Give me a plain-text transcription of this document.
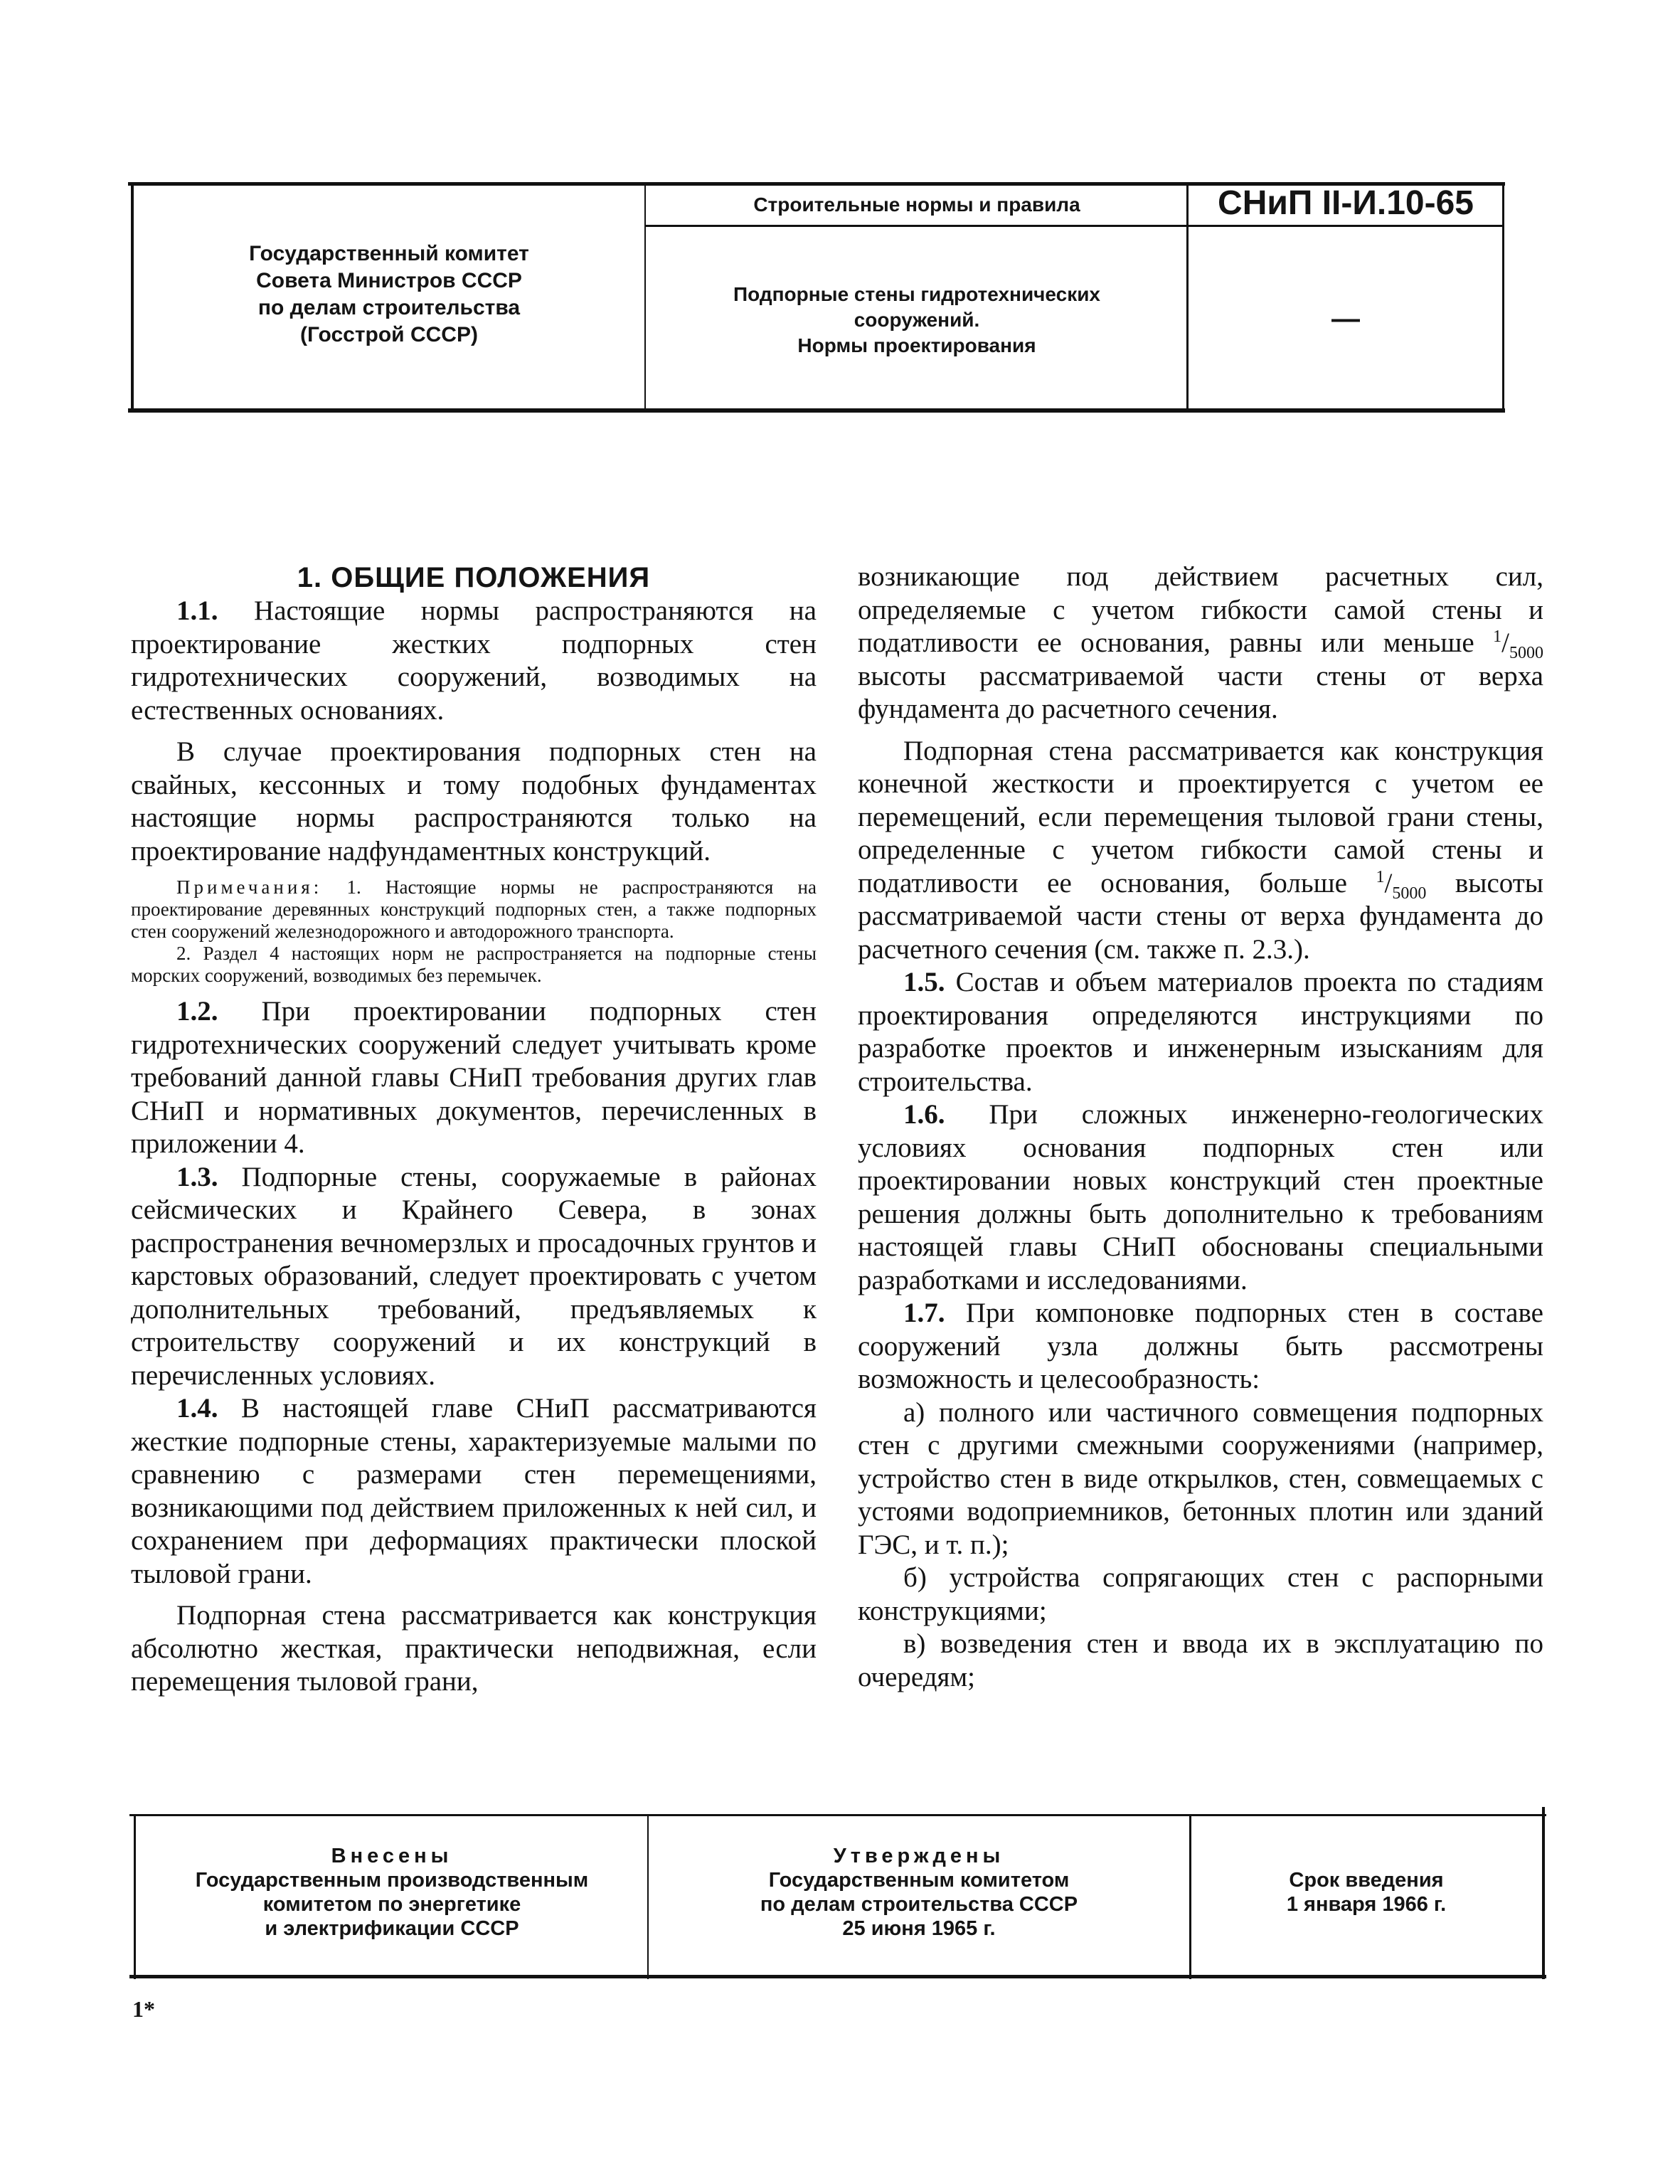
Государственный комитет
Совета Министров СССР
по делам строительства
(Госстрой СССР)
Строительные нормы и правила	СНиП II-И.10-65
Подпорные стены гидротехнических
сооружений.
Нормы проектирования
—

1. ОБЩИЕ ПОЛОЖЕНИЯ

1.1. Настоящие нормы распространяются на проектирование жестких подпорных стен гидротехнических сооружений, возводимых на естественных основаниях.

В случае проектирования подпорных стен на свайных, кессонных и тому подобных фундаментах настоящие нормы распространяются только на проектирование надфундаментных конструкций.

Примечания: 1. Настоящие нормы не распространяются на проектирование деревянных конструкций подпорных стен, а также подпорных стен сооружений железнодорожного и автодорожного транспорта.

2. Раздел 4 настоящих норм не распространяется на подпорные стены морских сооружений, возводимых без перемычек.

1.2. При проектировании подпорных стен гидротехнических сооружений следует учитывать кроме требований данной главы СНиП требования других глав СНиП и нормативных документов, перечисленных в приложении 4.

1.3. Подпорные стены, сооружаемые в районах сейсмических и Крайнего Севера, в зонах распространения вечномерзлых и просадочных грунтов и карстовых образований, следует проектировать с учетом дополнительных требований, предъявляемых к строительству сооружений и их конструкций в перечисленных условиях.

1.4. В настоящей главе СНиП рассматриваются жесткие подпорные стены, характеризуемые малыми по сравнению с размерами стен перемещениями, возникающими под действием приложенных к ней сил, и сохранением при деформациях практически плоской тыловой грани.

Подпорная стена рассматривается как конструкция абсолютно жесткая, практически неподвижная, если перемещения тыловой грани,

возникающие под действием расчетных сил, определяемые с учетом гибкости самой стены и податливости ее основания, равны или меньше $^1/_{5000}$ высоты рассматриваемой части стены от верха фундамента до расчетного сечения.

Подпорная стена рассматривается как конструкция конечной жесткости и проектируется с учетом ее перемещений, если перемещения тыловой грани стены, определенные с учетом гибкости самой стены и податливости ее основания, больше $^1/_{5000}$ высоты рассматриваемой части стены от верха фундамента до расчетного сечения (см. также п. 2.3.).

1.5. Состав и объем материалов проекта по стадиям проектирования определяются инструкциями по разработке проектов и инженерным изысканиям для строительства.

1.6. При сложных инженерно-геологических условиях основания подпорных стен или проектировании новых конструкций стен проектные решения должны быть дополнительно к требованиям настоящей главы СНиП обоснованы специальными разработками и исследованиями.

1.7. При компоновке подпорных стен в составе сооружений узла должны быть рассмотрены возможность и целесообразность:

а) полного или частичного совмещения подпорных стен с другими смежными сооружениями (например, устройство стен в виде открылков, стен, совмещаемых с устоями водоприемников, бетонных плотин или зданий ГЭС, и т. п.);

б) устройства сопрягающих стен с распорными конструкциями;

в) возведения стен и ввода их в эксплуатацию по очередям;

Внесены
Государственным производственным
комитетом по энергетике
и электрификации СССР
Утверждены
Государственным комитетом
по делам строительства СССР
25 июня 1965 г.
Срок введения
1 января 1966 г.
1*
